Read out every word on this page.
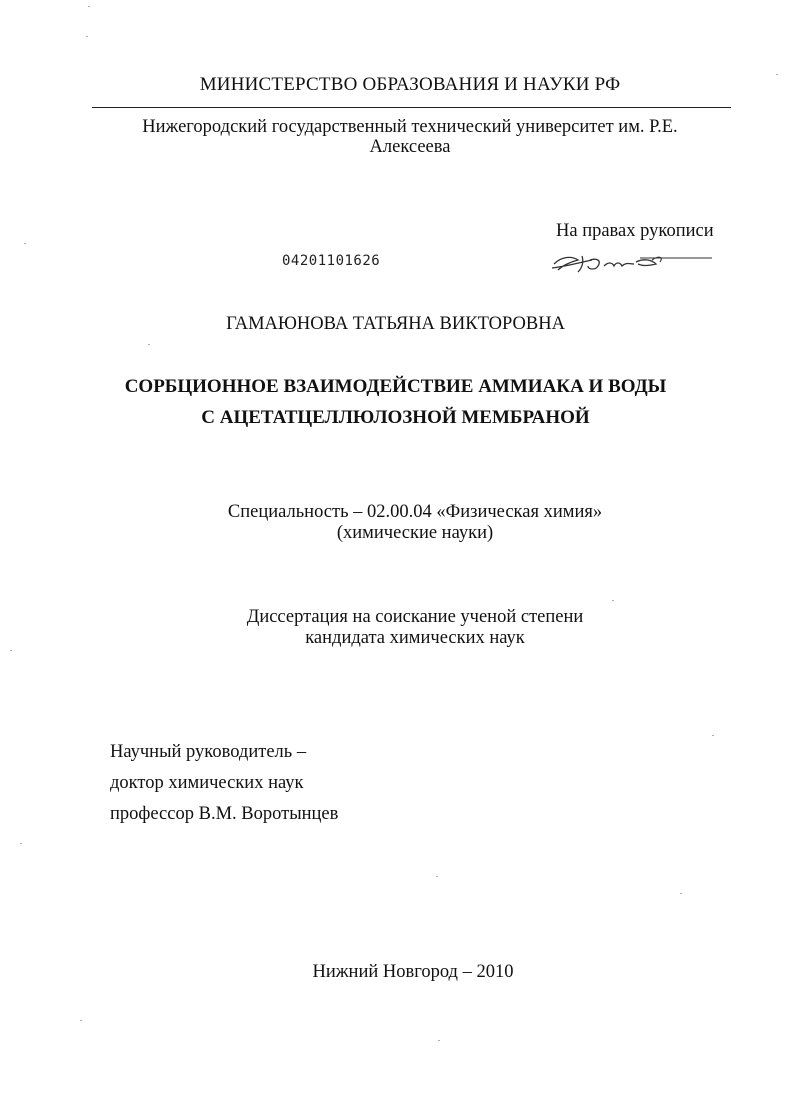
МИНИСТЕРСТВО ОБРАЗОВАНИЯ И НАУКИ РФ
Нижегородский государственный технический университет им. Р.Е.
Алексеева
На правах рукописи
04201101626
ГАМАЮНОВА ТАТЬЯНА ВИКТОРОВНА
СОРБЦИОННОЕ ВЗАИМОДЕЙСТВИЕ АММИАКА И ВОДЫ
С АЦЕТАТЦЕЛЛЮЛОЗНОЙ МЕМБРАНОЙ
Специальность – 02.00.04 «Физическая химия»
(химические науки)
Диссертация на соискание ученой степени
кандидата химических наук
Научный руководитель –
доктор химических наук
профессор В.М. Воротынцев
Нижний Новгород – 2010
